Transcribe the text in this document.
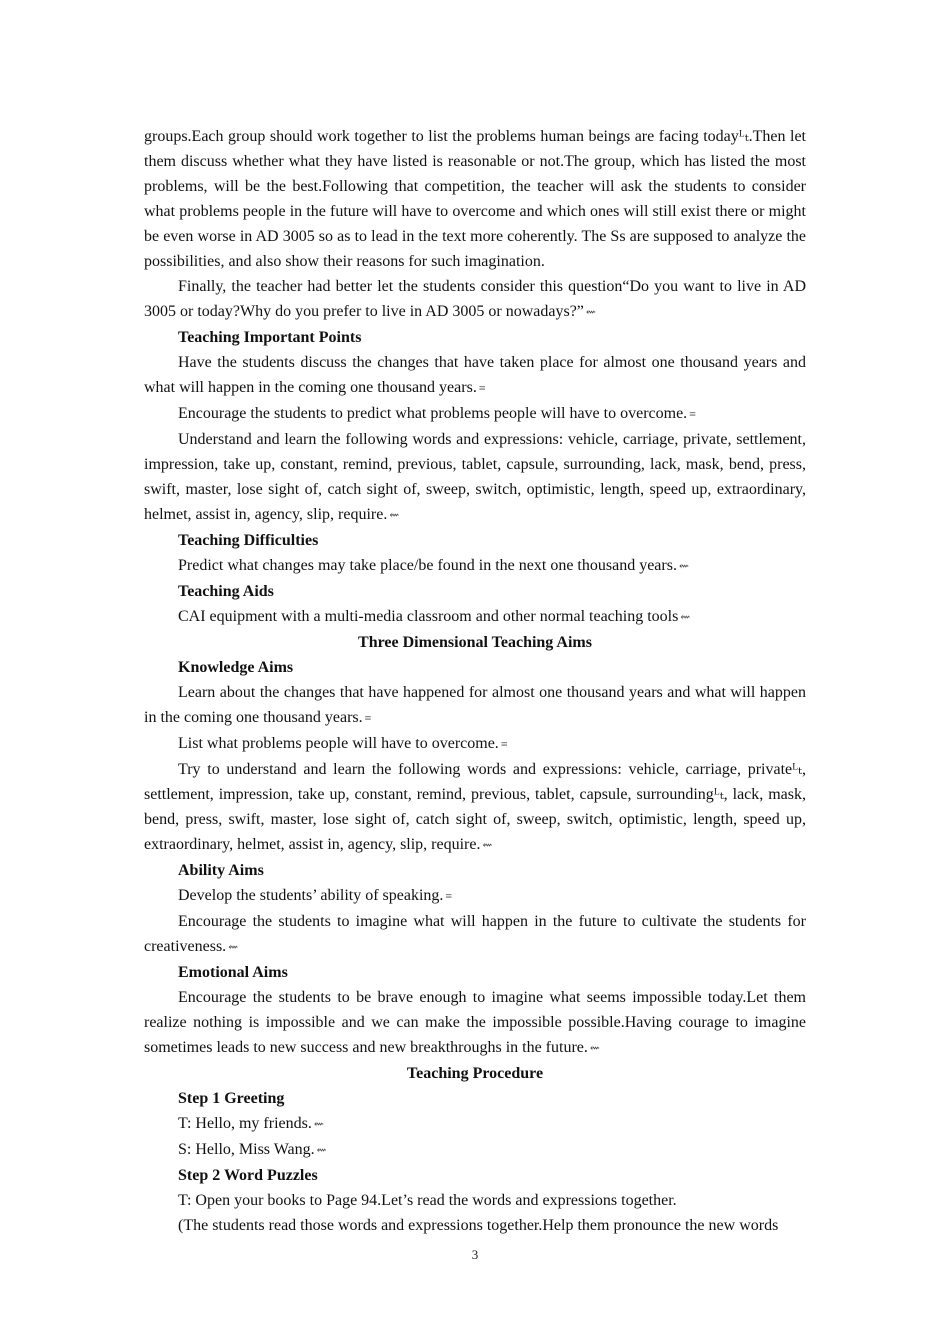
groups.Each group should work together to list the problems human beings are facing todayᴸₜ.Then let them discuss whether what they have listed is reasonable or not.The group, which has listed the most problems, will be the best.Following that competition, the teacher will ask the students to consider what problems people in the future will have to overcome and which ones will still exist there or might be even worse in AD 3005 so as to lead in the text more coherently. The Ss are supposed to analyze the possibilities, and also show their reasons for such imagination.

Finally, the teacher had better let the students consider this question“Do you want to live in AD 3005 or today?Why do you prefer to live in AD 3005 or nowadays?” ⇜

Teaching Important Points

Have the students discuss the changes that have taken place for almost one thousand years and what will happen in the coming one thousand years. ≡

Encourage the students to predict what problems people will have to overcome. ≡

Understand and learn the following words and expressions: vehicle, carriage, private, settlement, impression, take up, constant, remind, previous, tablet, capsule, surrounding, lack, mask, bend, press, swift, master, lose sight of, catch sight of, sweep, switch, optimistic, length, speed up, extraordinary, helmet, assist in, agency, slip, require. ⇜

Teaching Difficulties

Predict what changes may take place/be found in the next one thousand years. ⇜

Teaching Aids

CAI equipment with a multi-media classroom and other normal teaching tools ⇜

Three Dimensional Teaching Aims

Knowledge Aims

Learn about the changes that have happened for almost one thousand years and what will happen in the coming one thousand years. ≡

List what problems people will have to overcome. ≡

Try to understand and learn the following words and expressions: vehicle, carriage, privateᴸₜ, settlement, impression, take up, constant, remind, previous, tablet, capsule, surroundingᴸₜ, lack, mask, bend, press, swift, master, lose sight of, catch sight of, sweep, switch, optimistic, length, speed up, extraordinary, helmet, assist in, agency, slip, require. ⇜

Ability Aims

Develop the students’ ability of speaking. ≡

Encourage the students to imagine what will happen in the future to cultivate the students for creativeness. ⇜

Emotional Aims

Encourage the students to be brave enough to imagine what seems impossible today.Let them realize nothing is impossible and we can make the impossible possible.Having courage to imagine sometimes leads to new success and new breakthroughs in the future. ⇜

Teaching Procedure

Step 1 Greeting

T: Hello, my friends. ⇜

S: Hello, Miss Wang. ⇜

Step 2 Word Puzzles

T: Open your books to Page 94.Let’s read the words and expressions together.

(The students read those words and expressions together.Help them pronounce the new words

3
